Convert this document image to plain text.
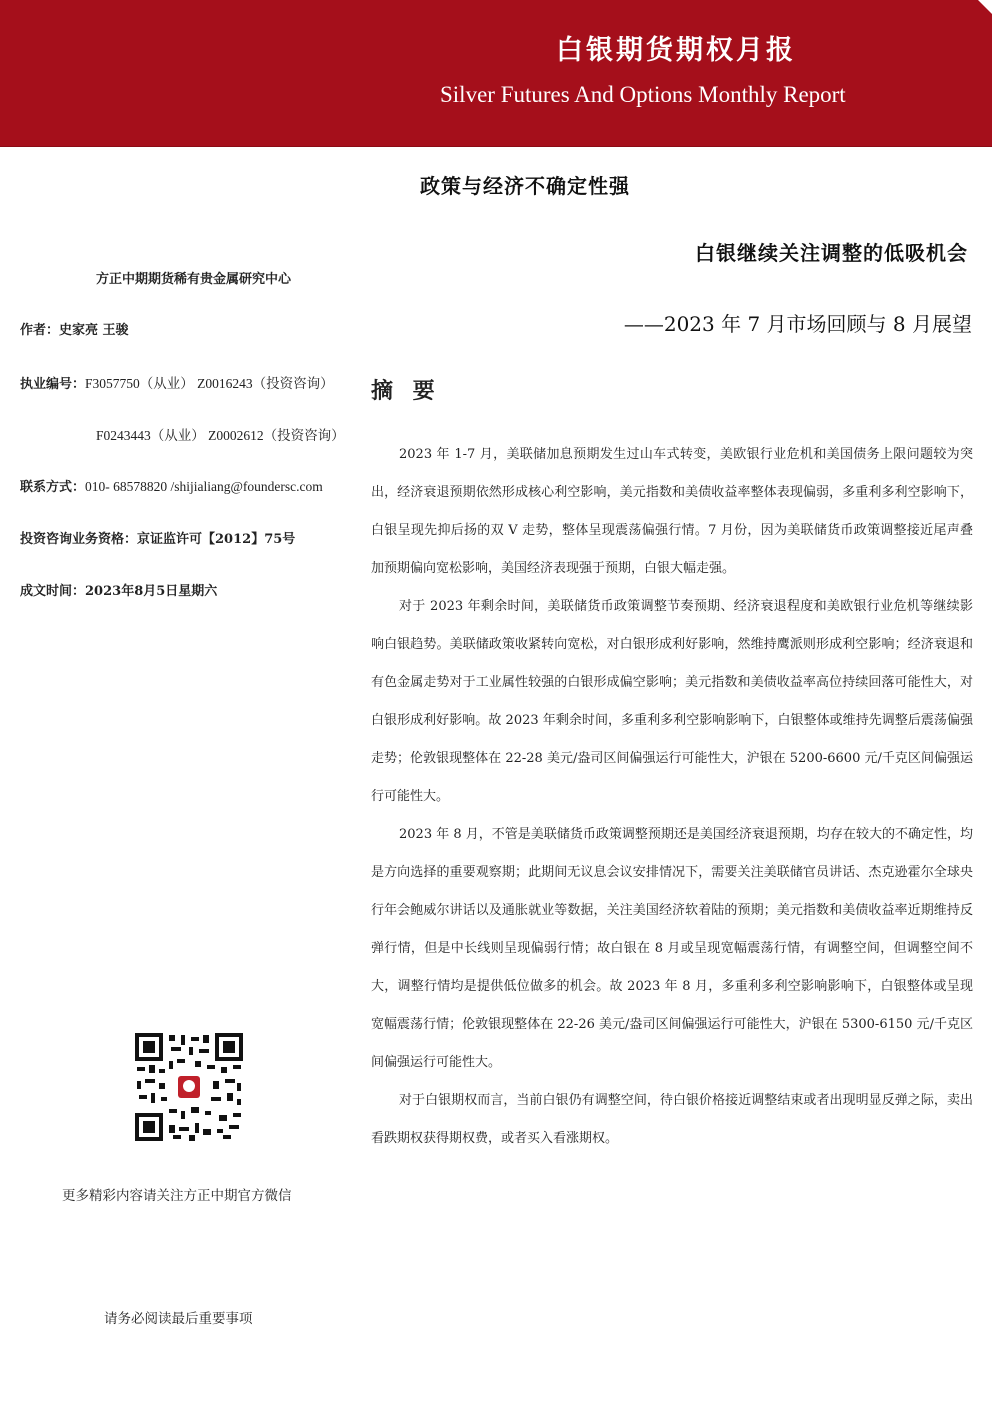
白银期货期权月报
Silver Futures And Options Monthly Report
政策与经济不确定性强
白银继续关注调整的低吸机会
——2023 年 7 月市场回顾与 8 月展望
方正中期期货稀有贵金属研究中心
作者：史家亮 王骏
执业编号：F3057750（从业） Z0016243（投资咨询）
F0243443（从业） Z0002612（投资咨询）
联系方式：010- 68578820 /shijialiang@foundersc.com
投资咨询业务资格：京证监许可【2012】75号
成文时间：2023年8月5日星期六
更多精彩内容请关注方正中期官方微信
请务必阅读最后重要事项
摘 要

2023 年 1-7 月，美联储加息预期发生过山车式转变，美欧银行业危机和美国债务上限问题较为突出，经济衰退预期依然形成核心利空影响，美元指数和美债收益率整体表现偏弱，多重利多利空影响下，白银呈现先抑后扬的双 V 走势，整体呈现震荡偏强行情。7 月份，因为美联储货币政策调整接近尾声叠加预期偏向宽松影响，美国经济表现强于预期，白银大幅走强。

对于 2023 年剩余时间，美联储货币政策调整节奏预期、经济衰退程度和美欧银行业危机等继续影响白银趋势。美联储政策收紧转向宽松，对白银形成利好影响，然维持鹰派则形成利空影响；经济衰退和有色金属走势对于工业属性较强的白银形成偏空影响；美元指数和美债收益率高位持续回落可能性大，对白银形成利好影响。故 2023 年剩余时间，多重利多利空影响影响下，白银整体或维持先调整后震荡偏强走势；伦敦银现整体在 22-28 美元/盎司区间偏强运行可能性大，沪银在 5200-6600 元/千克区间偏强运行可能性大。

2023 年 8 月，不管是美联储货币政策调整预期还是美国经济衰退预期，均存在较大的不确定性，均是方向选择的重要观察期；此期间无议息会议安排情况下，需要关注美联储官员讲话、杰克逊霍尔全球央行年会鲍威尔讲话以及通胀就业等数据，关注美国经济软着陆的预期；美元指数和美债收益率近期维持反弹行情，但是中长线则呈现偏弱行情；故白银在 8 月或呈现宽幅震荡行情，有调整空间，但调整空间不大，调整行情均是提供低位做多的机会。故 2023 年 8 月，多重利多利空影响影响下，白银整体或呈现宽幅震荡行情；伦敦银现整体在 22-26 美元/盎司区间偏强运行可能性大，沪银在 5300-6150 元/千克区间偏强运行可能性大。

对于白银期权而言，当前白银仍有调整空间，待白银价格接近调整结束或者出现明显反弹之际，卖出看跌期权获得期权费，或者买入看涨期权。
